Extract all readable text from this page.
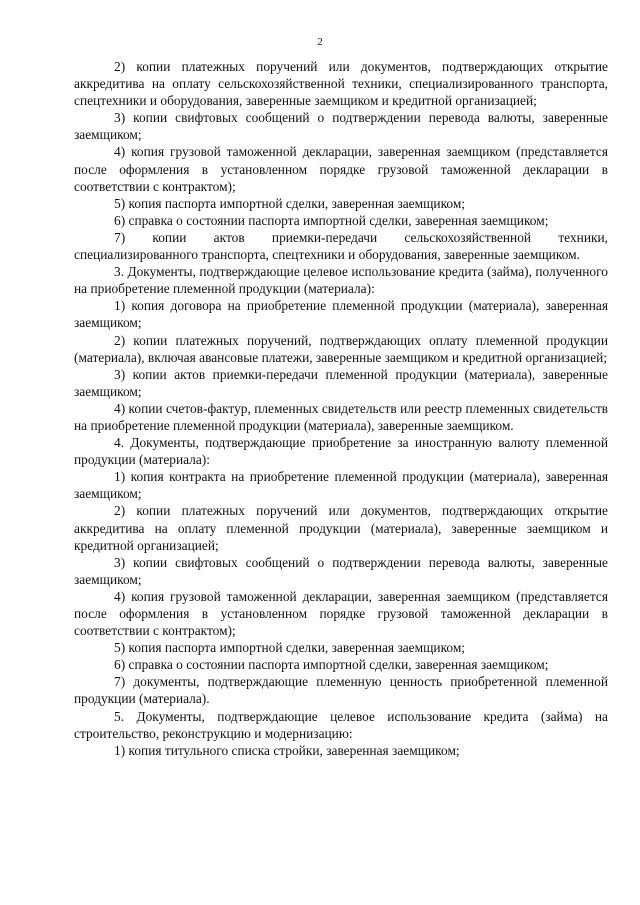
2

2) копии платежных поручений или документов, подтверждающих открытие аккредитива на оплату сельскохозяйственной техники, специализированного транспорта, спецтехники и оборудования, заверенные заемщиком и кредитной организацией;

3) копии свифтовых сообщений о подтверждении перевода валюты, заверенные заемщиком;

4) копия грузовой таможенной декларации, заверенная заемщиком (представляется после оформления в установленном порядке грузовой таможенной декларации в соответствии с контрактом);

5) копия паспорта импортной сделки, заверенная заемщиком;

6) справка о состоянии паспорта импортной сделки, заверенная заемщиком;

7) копии актов приемки-передачи сельскохозяйственной техники, специализированного транспорта, спецтехники и оборудования, заверенные заемщиком.

3. Документы, подтверждающие целевое использование кредита (займа), полученного на приобретение племенной продукции (материала):

1) копия договора на приобретение племенной продукции (материала), заверенная заемщиком;

2) копии платежных поручений, подтверждающих оплату племенной продукции (материала), включая авансовые платежи, заверенные заемщиком и кредитной организацией;

3) копии актов приемки-передачи племенной продукции (материала), заверенные заемщиком;

4) копии счетов-фактур, племенных свидетельств или реестр племенных свидетельств на приобретение племенной продукции (материала), заверенные заемщиком.

4. Документы, подтверждающие приобретение за иностранную валюту племенной продукции (материала):

1) копия контракта на приобретение племенной продукции (материала), заверенная заемщиком;

2) копии платежных поручений или документов, подтверждающих открытие аккредитива на оплату племенной продукции (материала), заверенные заемщиком и кредитной организацией;

3) копии свифтовых сообщений о подтверждении перевода валюты, заверенные заемщиком;

4) копия грузовой таможенной декларации, заверенная заемщиком (представляется после оформления в установленном порядке грузовой таможенной декларации в соответствии с контрактом);

5) копия паспорта импортной сделки, заверенная заемщиком;

6) справка о состоянии паспорта импортной сделки, заверенная заемщиком;

7) документы, подтверждающие племенную ценность приобретенной племенной продукции (материала).

5. Документы, подтверждающие целевое использование кредита (займа) на строительство, реконструкцию и модернизацию:

1) копия титульного списка стройки, заверенная заемщиком;
